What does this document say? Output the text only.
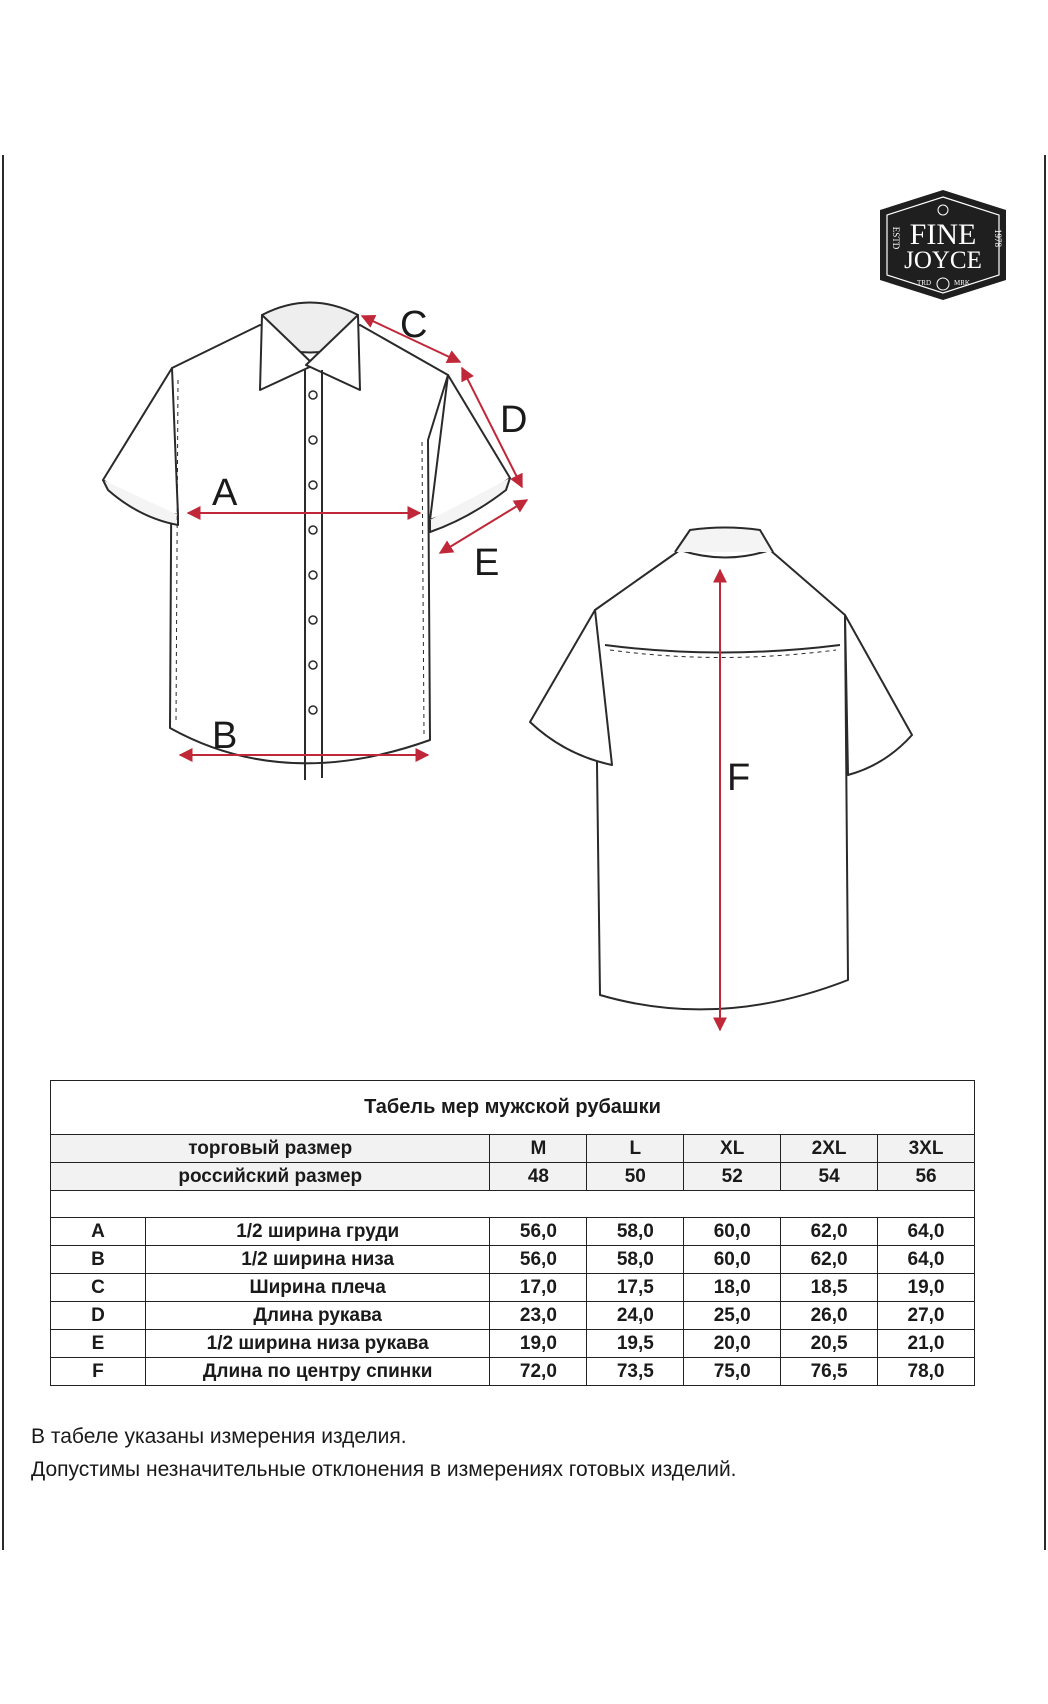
FINE
JOYCE
ESTD	1978
TRD	MRK
A
B
C
D
E
F
Табель мер мужской рубашки						
торговый размер		M	L	XL	2XL	3XL
российский размер		48	50	52	54	56

A	1/2 ширина груди	56,0	58,0	60,0	62,0	64,0
B	1/2 ширина низа	56,0	58,0	60,0	62,0	64,0
C	Ширина плеча	17,0	17,5	18,0	18,5	19,0
D	Длина рукава	23,0	24,0	25,0	26,0	27,0
E	1/2 ширина низа рукава	19,0	19,5	20,0	20,5	21,0
F	Длина по центру спинки	72,0	73,5	75,0	76,5	78,0
В табеле указаны измерения изделия.
Допустимы незначительные отклонения в измерениях готовых изделий.
